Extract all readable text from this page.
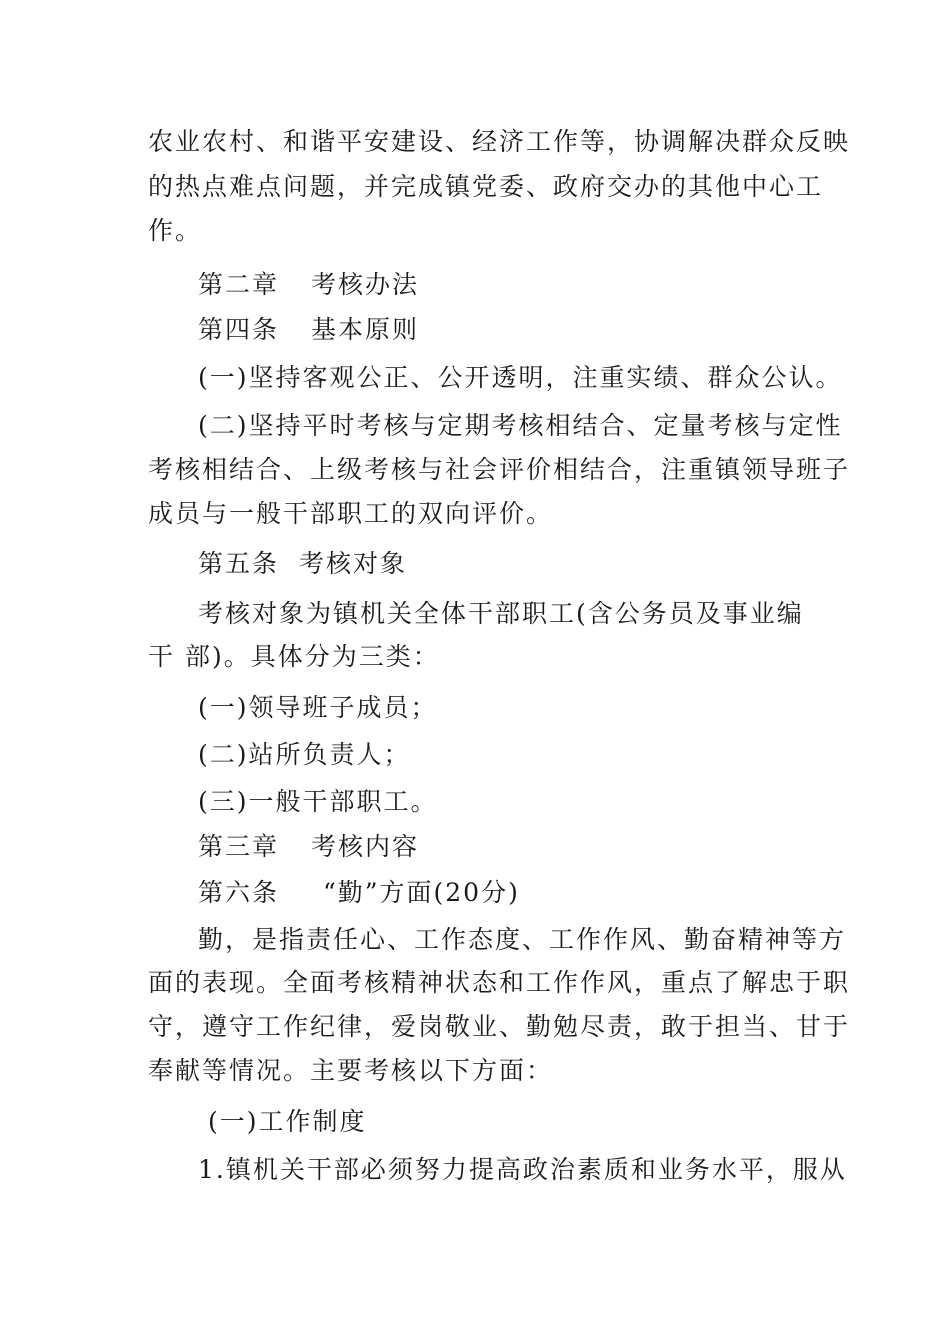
农业农村、和谐平安建设、经济工作等，协调解决群众反映

的热点难点问题，并完成镇党委、政府交办的其他中心工

作。

第二章 考核办法

第四条 基本原则

(一)坚持客观公正、公开透明，注重实绩、群众公认。

(二)坚持平时考核与定期考核相结合、定量考核与定性

考核相结合、上级考核与社会评价相结合，注重镇领导班子

成员与一般干部职工的双向评价。

第五条 考核对象

考核对象为镇机关全体干部职工(含公务员及事业编

干 部)。具体分为三类：

(一)领导班子成员；

(二)站所负责人；

(三)一般干部职工。

第三章 考核内容

第六条 “勤”方面(20分)

勤，是指责任心、工作态度、工作作风、勤奋精神等方

面的表现。全面考核精神状态和工作作风，重点了解忠于职

守，遵守工作纪律，爱岗敬业、勤勉尽责，敢于担当、甘于

奉献等情况。主要考核以下方面：

(一)工作制度

1.镇机关干部必须努力提高政治素质和业务水平，服从
